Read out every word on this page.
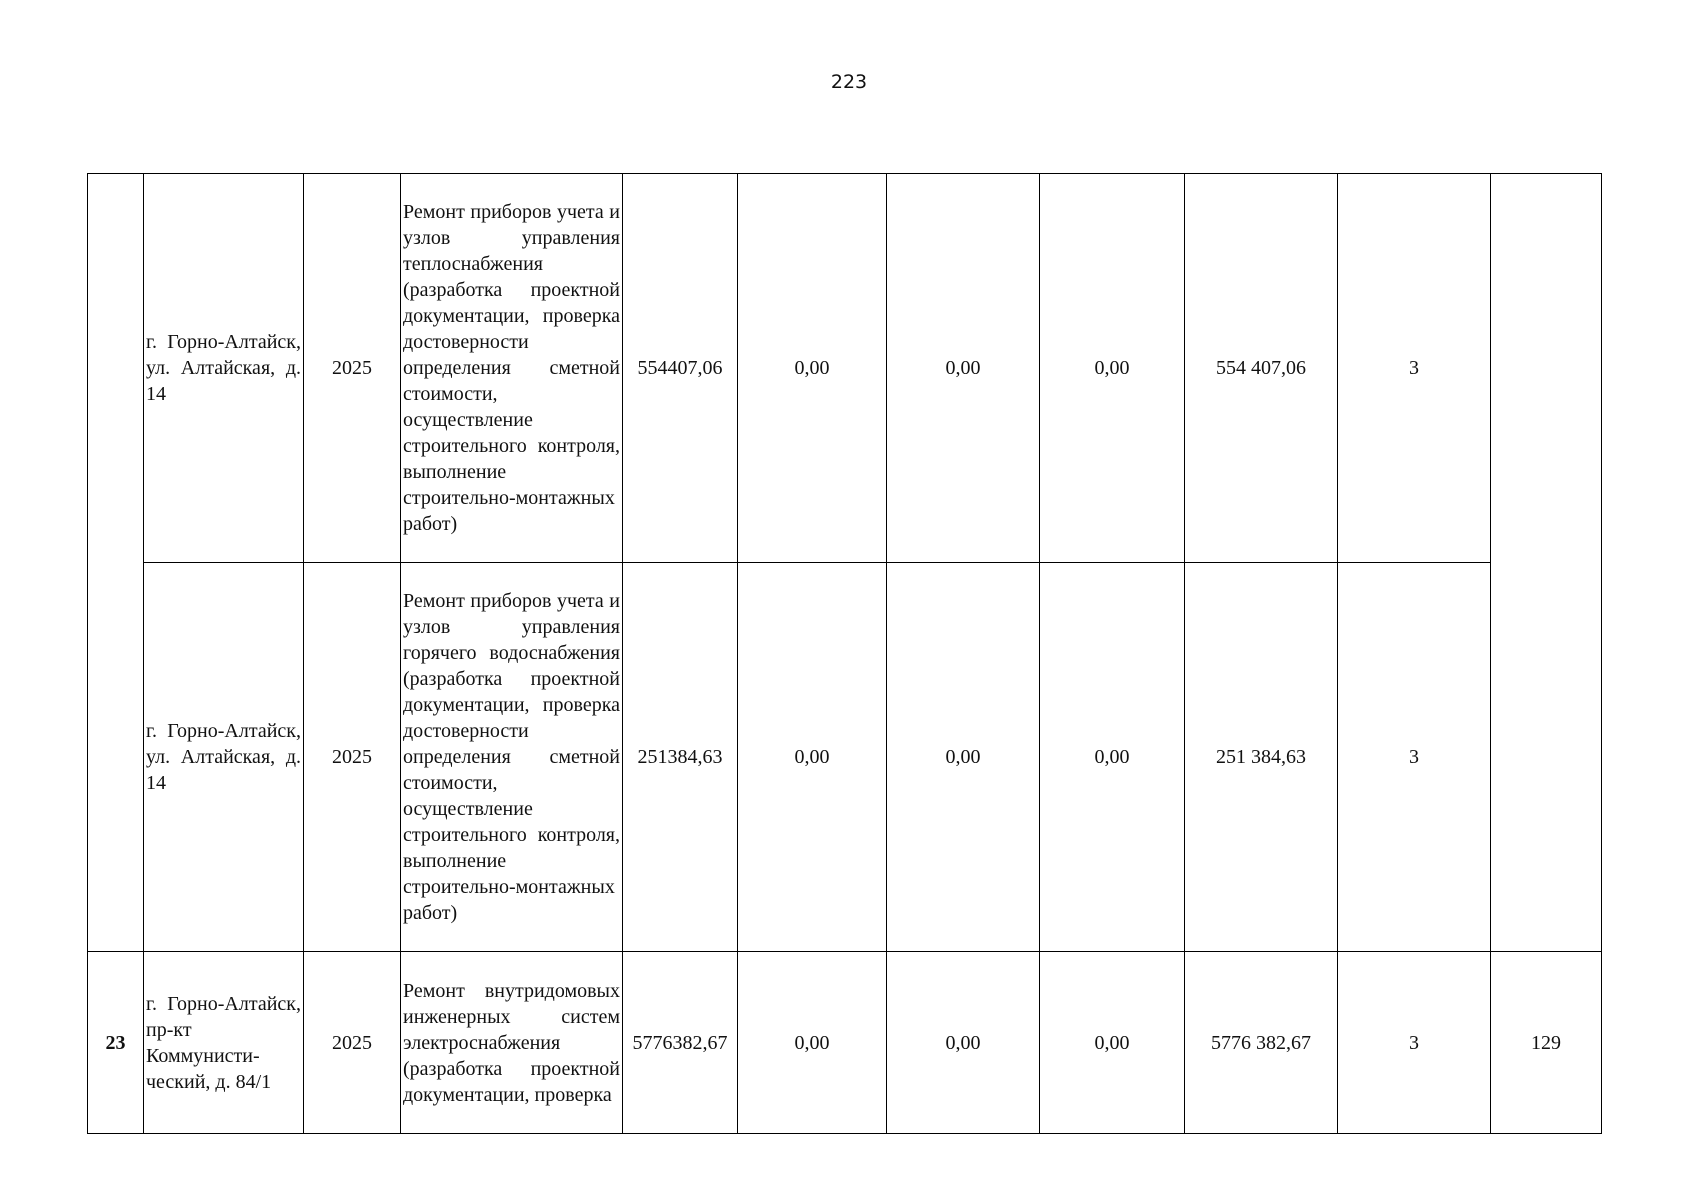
223
	г. Горно-Алтайск, ул. Алтайская, д. 14	2025	Ремонт приборов учета и узлов управления теплоснабжения (разработка проектной документации, проверка достоверности определения сметной стоимости, осуществление строительного контроля, выполнение строительно-монтажных работ)	554407,06	0,00	0,00	0,00	554 407,06	3	
	г. Горно-Алтайск, ул. Алтайская, д. 14	2025	Ремонт приборов учета и узлов управления горячего водоснабжения (разработка проектной документации, проверка достоверности определения сметной стоимости, осуществление строительного контроля, выполнение строительно-монтажных работ)	251384,63	0,00	0,00	0,00	251 384,63	3	
23	г. Горно-Алтайск, пр-кт Коммунисти-ческий, д. 84/1	2025	Ремонт внутридомовых инженерных систем электроснабжения (разработка проектной документации, проверка	5776382,67	0,00	0,00	0,00	5776 382,67	3	129
